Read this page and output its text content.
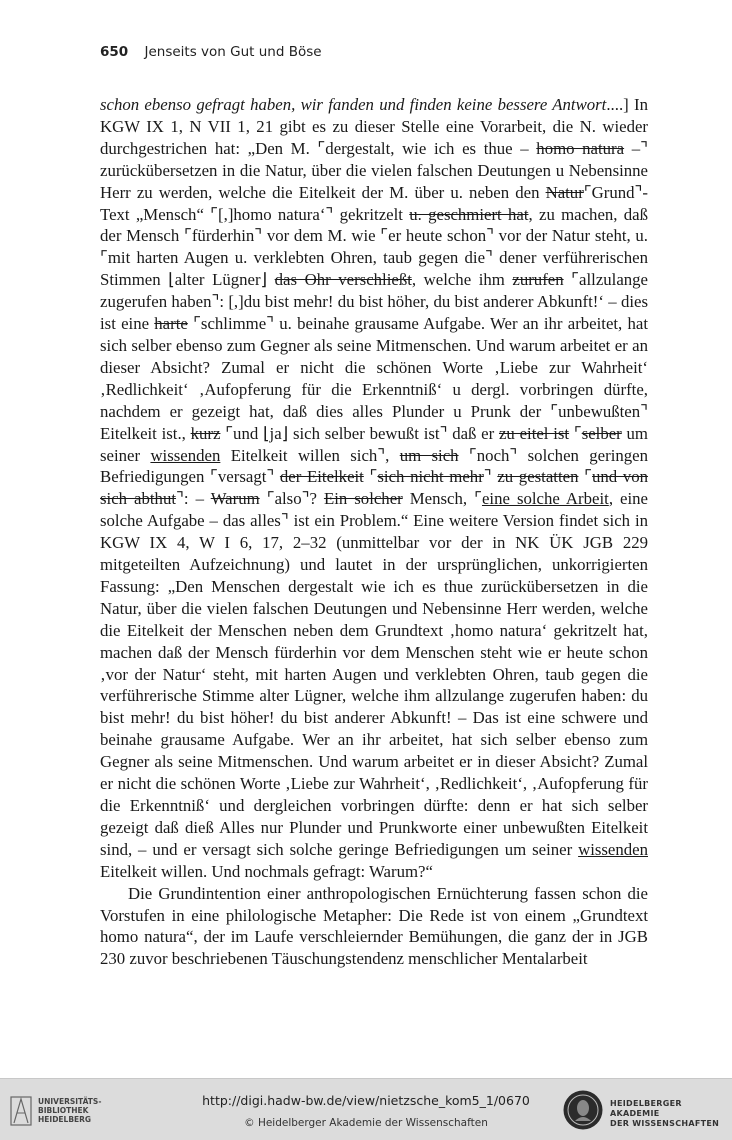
650 Jenseits von Gut und Böse

schon ebenso gefragt haben, wir fanden und finden keine bessere Antwort....] In KGW IX 1, N VII 1, 21 gibt es zu dieser Stelle eine Vorarbeit, die N. wieder durchgestrichen hat: „Den M. ⌜dergestalt, wie ich es thue – homo natura –⌝ zurückübersetzen in die Natur, über die vielen falschen Deutungen u Nebensinne Herr zu werden, welche die Eitelkeit der M. über u. neben den Natur⌜Grund⌝-Text „Mensch“ ⌜[,]homo natura‘⌝ gekritzelt u. geschmiert hat, zu machen, daß der Mensch ⌜fürderhin⌝ vor dem M. wie ⌜er heute schon⌝ vor der Natur steht, u. ⌜mit harten Augen u. verklebten Ohren, taub gegen die⌝ dener verführerischen Stimmen ⌊alter Lügner⌋ das Ohr verschließt, welche ihm zurufen ⌜allzulange zugerufen haben⌝: [,]du bist mehr! du bist höher, du bist anderer Abkunft!‘ – dies ist eine harte ⌜schlimme⌝ u. beinahe grausame Aufgabe. Wer an ihr arbeitet, hat sich selber ebenso zum Gegner als seine Mitmenschen. Und warum arbeitet er an dieser Absicht? Zumal er nicht die schönen Worte ‚Liebe zur Wahrheit‘ ‚Redlichkeit‘ ‚Aufopferung für die Erkenntniß‘ u dergl. vorbringen dürfte, nachdem er gezeigt hat, daß dies alles Plunder u Prunk der ⌜unbewußten⌝ Eitelkeit ist., kurz ⌜und ⌊ja⌋ sich selber bewußt ist⌝ daß er zu eitel ist ⌜selber um seiner wissenden Eitelkeit willen sich⌝, um sich ⌜noch⌝ solchen geringen Befriedigungen ⌜versagt⌝ der Eitelkeit ⌜sich nicht mehr⌝ zu gestatten ⌜und von sich abthut⌝: – Warum ⌜also⌝? Ein solcher Mensch, ⌜eine solche Arbeit, eine solche Aufgabe – das alles⌝ ist ein Problem.“ Eine weitere Version findet sich in KGW IX 4, W I 6, 17, 2–32 (unmittelbar vor der in NK ÜK JGB 229 mitgeteilten Aufzeichnung) und lautet in der ursprünglichen, unkorrigierten Fassung: „Den Menschen dergestalt wie ich es thue zurückübersetzen in die Natur, über die vielen falschen Deutungen und Nebensinne Herr werden, welche die Eitelkeit der Menschen neben dem Grundtext ‚homo natura‘ gekritzelt hat, machen daß der Mensch fürderhin vor dem Menschen steht wie er heute schon ‚vor der Natur‘ steht, mit harten Augen und verklebten Ohren, taub gegen die verführerische Stimme alter Lügner, welche ihm allzulange zugerufen haben: du bist mehr! du bist höher! du bist anderer Abkunft! – Das ist eine schwere und beinahe grausame Aufgabe. Wer an ihr arbeitet, hat sich selber ebenso zum Gegner als seine Mitmenschen. Und warum arbeitet er in dieser Absicht? Zumal er nicht die schönen Worte ‚Liebe zur Wahrheit‘, ‚Redlichkeit‘, ‚Aufopferung für die Erkenntniß‘ und dergleichen vorbringen dürfte: denn er hat sich selber gezeigt daß dieß Alles nur Plunder und Prunkworte einer unbewußten Eitelkeit sind, – und er versagt sich solche geringe Befriedigungen um seiner wissenden Eitelkeit willen. Und nochmals gefragt: Warum?“

Die Grundintention einer anthropologischen Ernüchterung fassen schon die Vorstufen in eine philologische Metapher: Die Rede ist von einem „Grundtext homo natura“, der im Laufe verschleiernder Bemühungen, die ganz der in JGB 230 zuvor beschriebenen Täuschungstendenz menschlicher Mentalarbeit

UNIVERSITÄTS-
BIBLIOTHEK
HEIDELBERG
http://digi.hadw-bw.de/view/nietzsche_kom5_1/0670
© Heidelberger Akademie der Wissenschaften
HEIDELBERGER AKADEMIE
DER WISSENSCHAFTEN
